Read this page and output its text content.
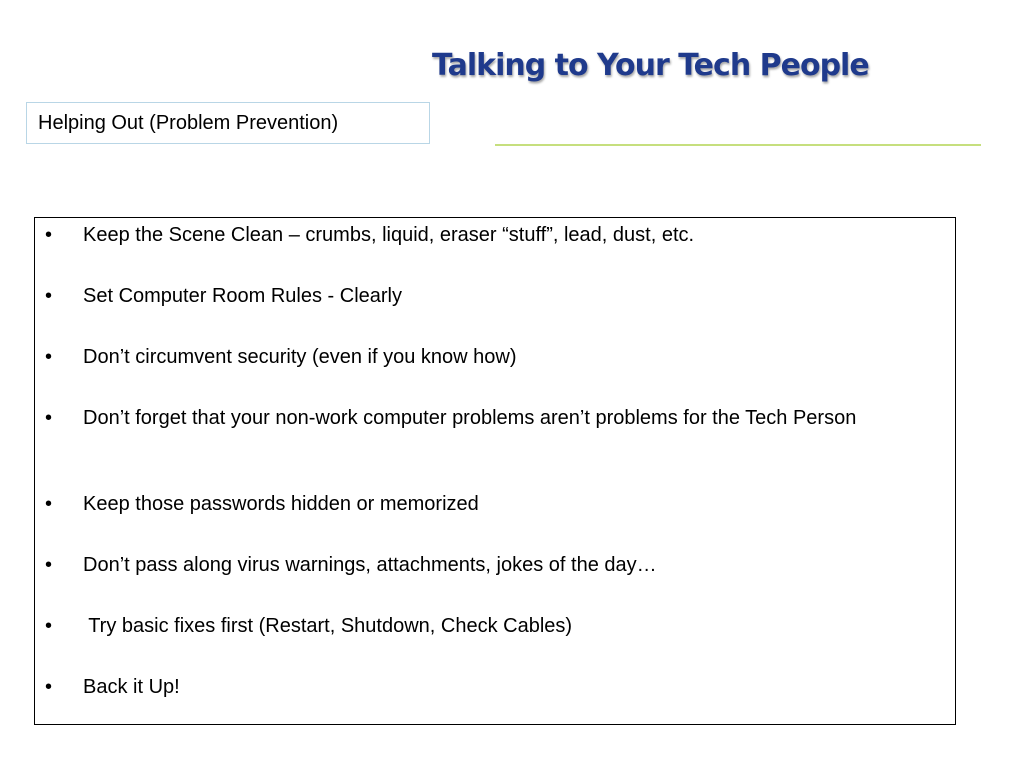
Talking to Your Tech People
Helping Out (Problem Prevention)
• Keep the Scene Clean – crumbs, liquid, eraser “stuff”, lead, dust, etc.
• Set Computer Room Rules - Clearly
• Don’t circumvent security (even if you know how)
• Don’t forget that your non-work computer problems aren’t problems for the Tech Person
• Keep those passwords hidden or memorized
• Don’t pass along virus warnings, attachments, jokes of the day…
• Try basic fixes first (Restart, Shutdown, Check Cables)
• Back it Up!
